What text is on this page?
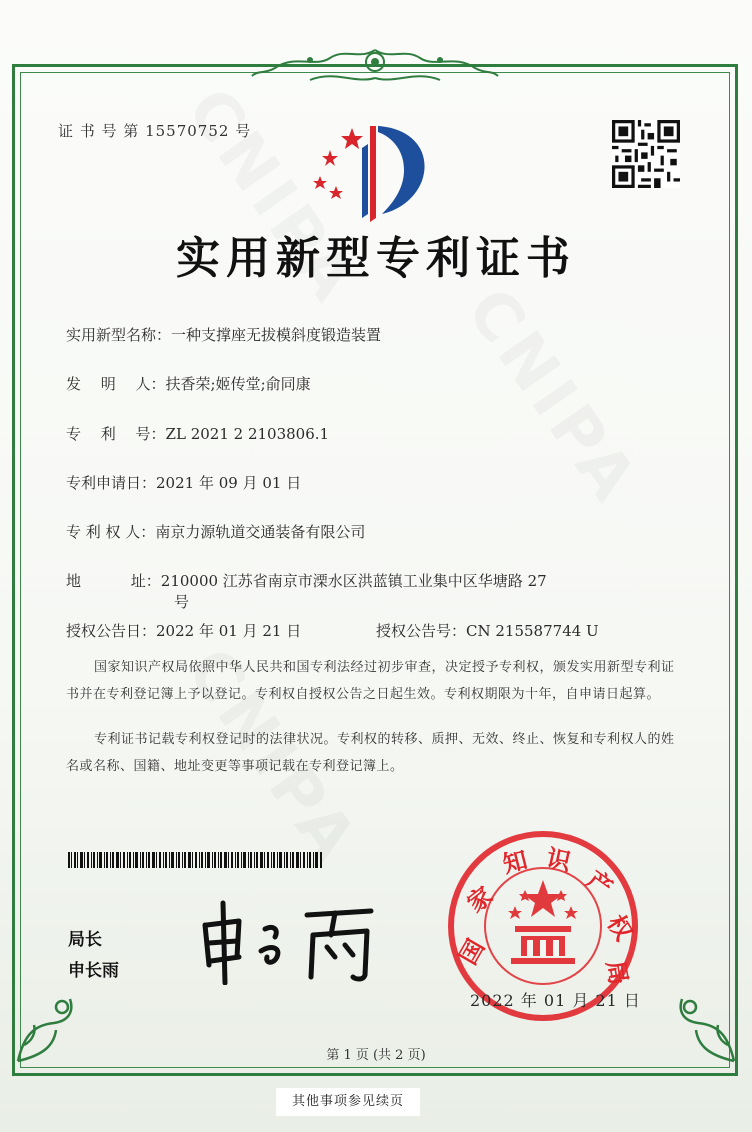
证 书 号 第 15570752 号
实用新型专利证书
实用新型名称：一种支撑座无拔模斜度锻造装置
发　 明　 人：扶香荣;姬传堂;俞同康
专　 利　 号：ZL 2021 2 2103806.1
专利申请日：2021 年 09 月 01 日
专 利 权 人：南京力源轨道交通装备有限公司
地　　　 址：210000 江苏省南京市溧水区洪蓝镇工业集中区华塘路 27
号
授权公告日：2022 年 01 月 21 日	授权公告号：CN 215587744 U
国家知识产权局依照中华人民共和国专利法经过初步审查，决定授予专利权，颁发实用新型专利证书并在专利登记簿上予以登记。专利权自授权公告之日起生效。专利权期限为十年，自申请日起算。
专利证书记载专利权登记时的法律状况。专利权的转移、质押、无效、终止、恢复和专利权人的姓名或名称、国籍、地址变更等事项记载在专利登记簿上。
局长
申长雨
国
家
知 识
产
权
局
2022 年 01 月 21 日
第 1 页 (共 2 页)
其他事项参见续页
